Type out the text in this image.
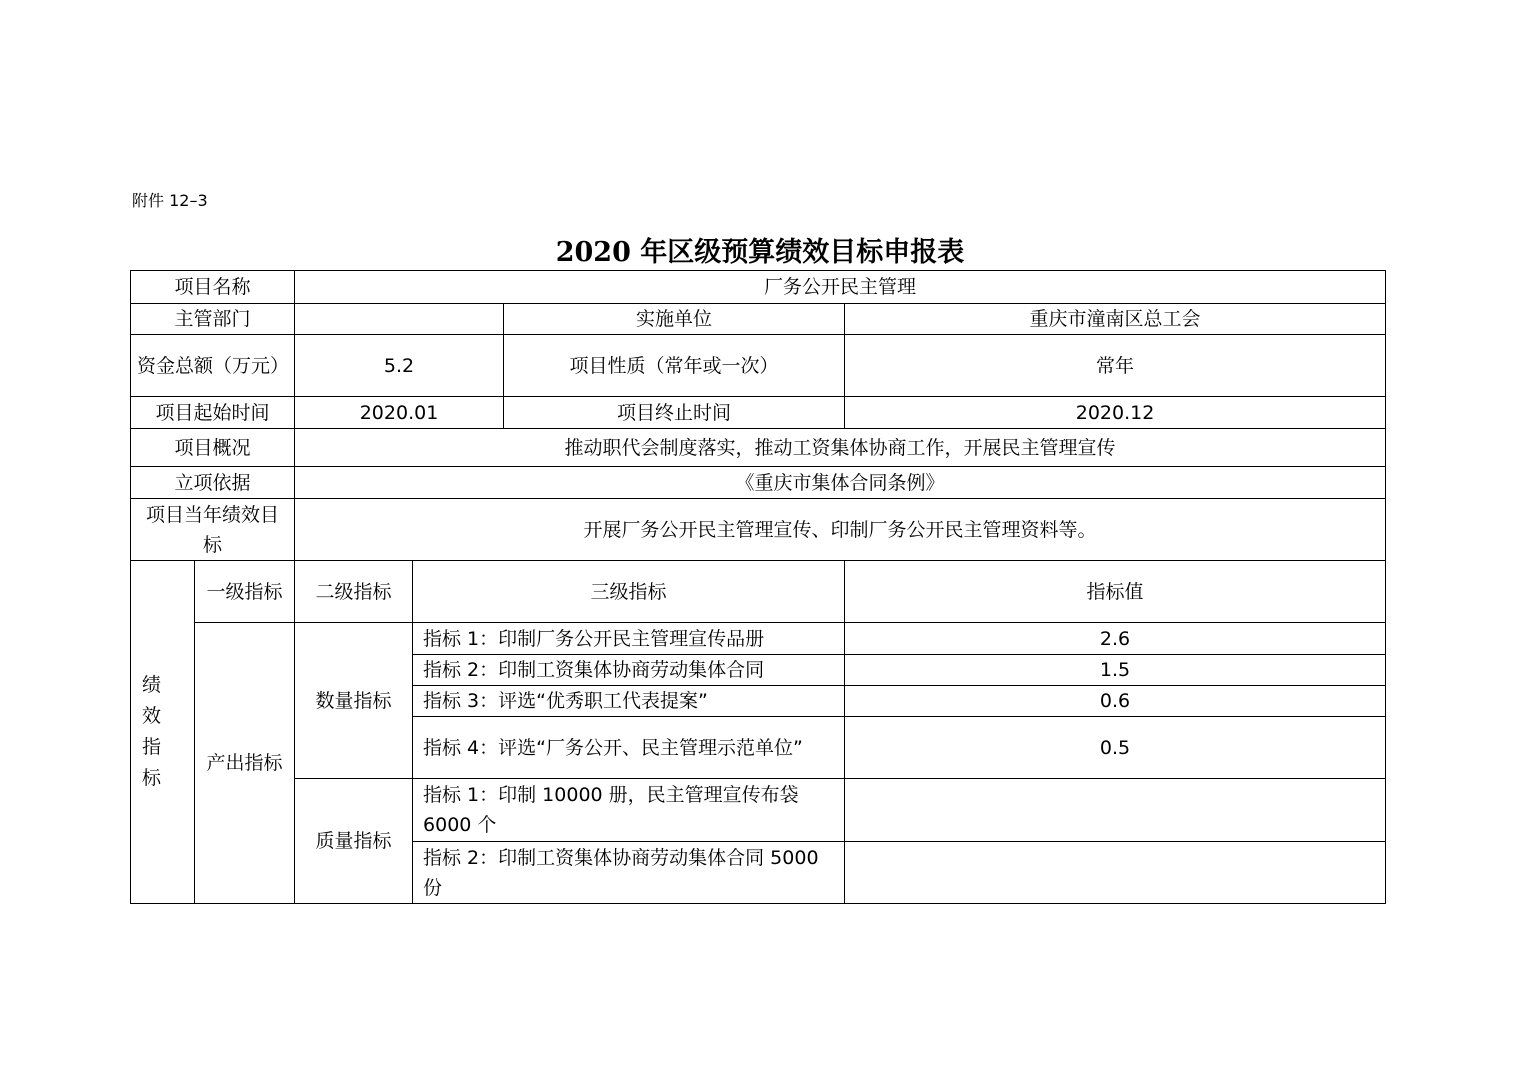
附件 12–3
2020 年区级预算绩效目标申报表
项目名称		厂务公开民主管理			
主管部门				实施单位	重庆市潼南区总工会
资金总额（万元）		5.2		项目性质（常年或一次）	常年
项目起始时间		2020.01		项目终止时间	2020.12
项目概况		推动职代会制度落实，推动工资集体协商工作，开展民主管理宣传			
立项依据		《重庆市集体合同条例》			
项目当年绩效目标		开展厂务公开民主管理宣传、印制厂务公开民主管理资料等。			
绩效指标	一级指标	二级指标	三级指标		指标值
	产出指标	数量指标	指标 1：印制厂务公开民主管理宣传品册		2.6
			指标 2：印制工资集体协商劳动集体合同		1.5
			指标 3：评选“优秀职工代表提案”		0.6
			指标 4：评选“厂务公开、民主管理示范单位”		0.5
		质量指标	指标 1：印制 10000 册，民主管理宣传布袋 6000 个		
			指标 2：印制工资集体协商劳动集体合同 5000 份		
